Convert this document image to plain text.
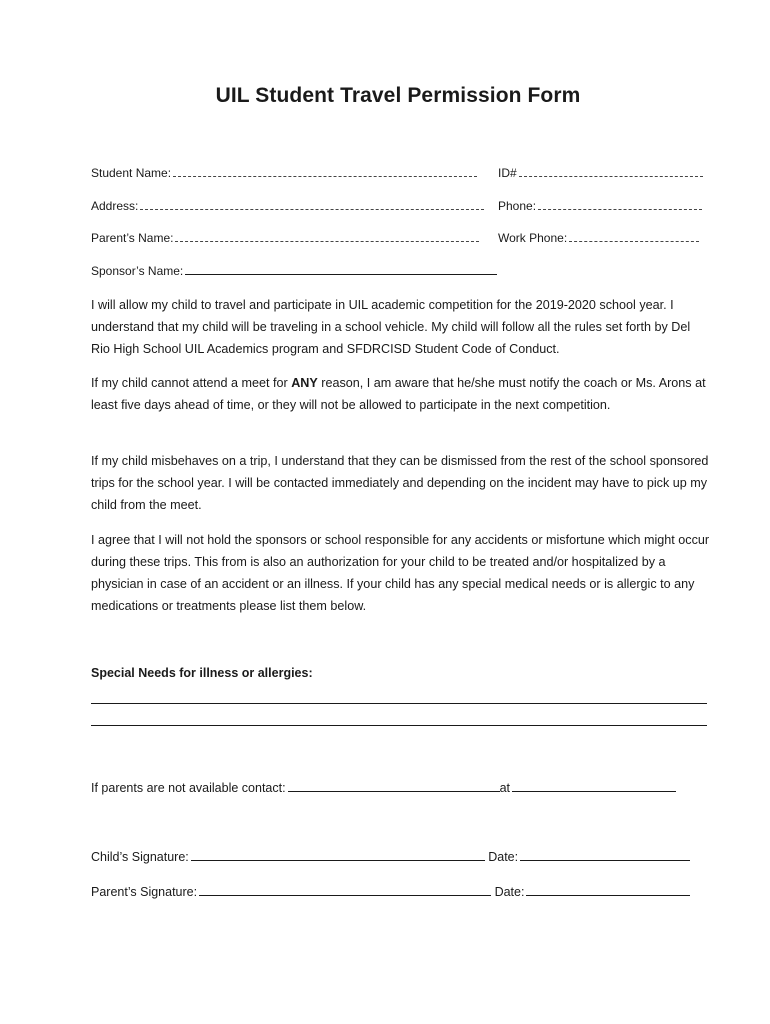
UIL Student Travel Permission Form
Student Name:	ID#
Address:	Phone:
Parent’s Name:	Work Phone:
Sponsor’s Name:
I will allow my child to travel and participate in UIL academic competition for the 2019-2020 school year. I understand that my child will be traveling in a school vehicle. My child will follow all the rules set forth by Del Rio High School UIL Academics program and SFDRCISD Student Code of Conduct.
If my child cannot attend a meet for ANY reason, I am aware that he/she must notify the coach or Ms. Arons at least five days ahead of time, or they will not be allowed to participate in the next competition.
If my child misbehaves on a trip, I understand that they can be dismissed from the rest of the school sponsored trips for the school year. I will be contacted immediately and depending on the incident may have to pick up my child from the meet.
I agree that I will not hold the sponsors or school responsible for any accidents or misfortune which might occur during these trips. This from is also an authorization for your child to be treated and/or hospitalized by a physician in case of an accident or an illness. If your child has any special medical needs or is allergic to any medications or treatments please list them below.
Special Needs for illness or allergies:
If parents are not available contact:	at
Child’s Signature:	Date:
Parent’s Signature:	Date:
